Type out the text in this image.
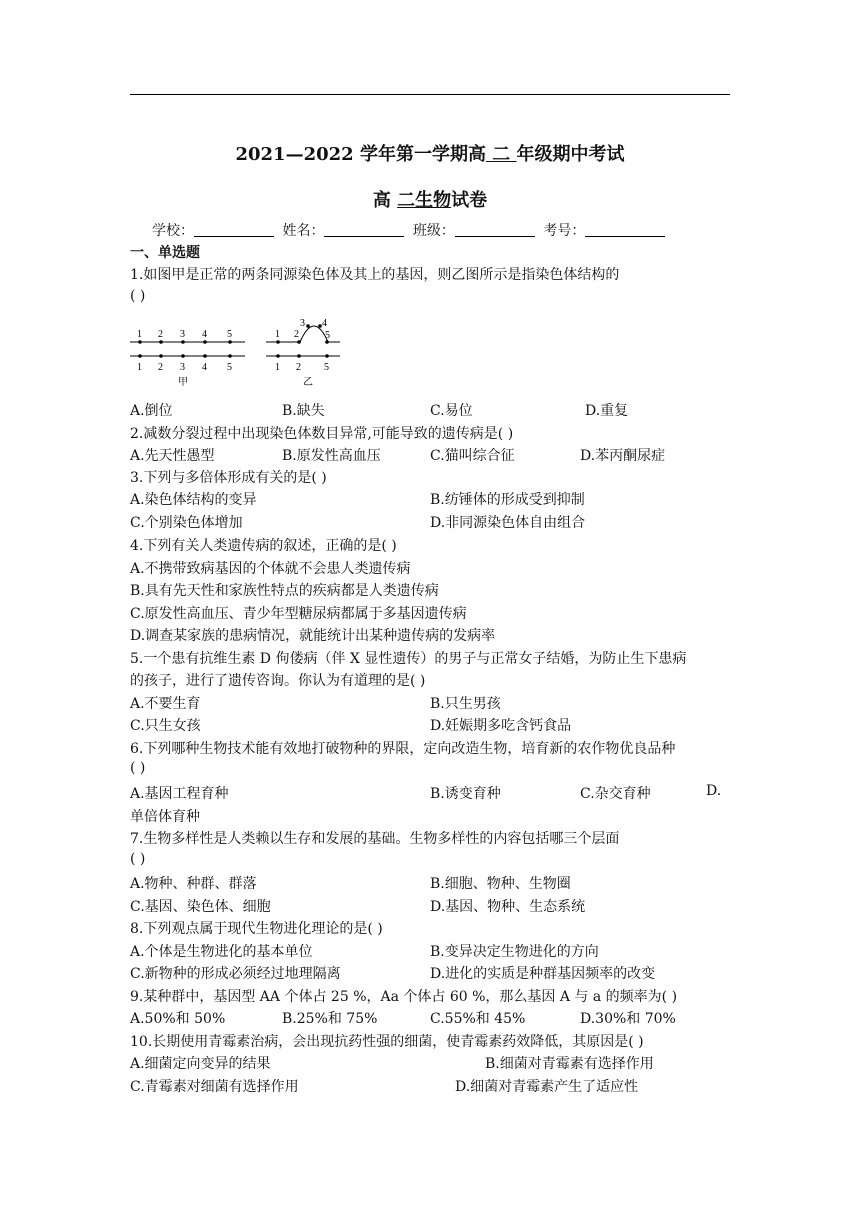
2021—2022 学年第一学期高 二 年级期中考试
高 二生物试卷
学校：	姓名：	班级：	考号：
一、单选题
1.如图甲是正常的两条同源染色体及其上的基因，则乙图所示是指染色体结构的
( )
1 2 3 4 5
1 2 3 4 5
甲
1 2
3 4
5
1 2 5
乙
A.倒位	B.缺失	C.易位	D.重复
2.减数分裂过程中出现染色体数目异常,可能导致的遗传病是( )
A.先天性愚型	B.原发性高血压	C.猫叫综合征	D.苯丙酮尿症
3.下列与多倍体形成有关的是( )
A.染色体结构的变异	B.纺锤体的形成受到抑制
C.个别染色体增加	D.非同源染色体自由组合
4.下列有关人类遗传病的叙述，正确的是( )
A.不携带致病基因的个体就不会患人类遗传病
B.具有先天性和家族性特点的疾病都是人类遗传病
C.原发性高血压、青少年型糖尿病都属于多基因遗传病
D.调查某家族的患病情况，就能统计出某种遗传病的发病率
5.一个患有抗维生素 D 佝偻病（伴 X 显性遗传）的男子与正常女子结婚，为防止生下患病
的孩子，进行了遗传咨询。你认为有道理的是( )
A.不要生育	B.只生男孩
C.只生女孩	D.妊娠期多吃含钙食品
6.下列哪种生物技术能有效地打破物种的界限，定向改造生物，培育新的农作物优良品种
( )
A.基因工程育种	B.诱变育种	C.杂交育种	D.
单倍体育种
7.生物多样性是人类赖以生存和发展的基础。生物多样性的内容包括哪三个层面
( )
A.物种、种群、群落	B.细胞、物种、生物圈
C.基因、染色体、细胞	D.基因、物种、生态系统
8.下列观点属于现代生物进化理论的是( )
A.个体是生物进化的基本单位	B.变异决定生物进化的方向
C.新物种的形成必须经过地理隔离	D.进化的实质是种群基因频率的改变
9.某种群中，基因型 AA 个体占 25 %，Aa 个体占 60 %，那么基因 A 与 a 的频率为( )
A.50%和 50%	B.25%和 75%	C.55%和 45%	D.30%和 70%
10.长期使用青霉素治病，会出现抗药性强的细菌，使青霉素药效降低，其原因是( )
A.细菌定向变异的结果	B.细菌对青霉素有选择作用
C.青霉素对细菌有选择作用	D.细菌对青霉素产生了适应性
